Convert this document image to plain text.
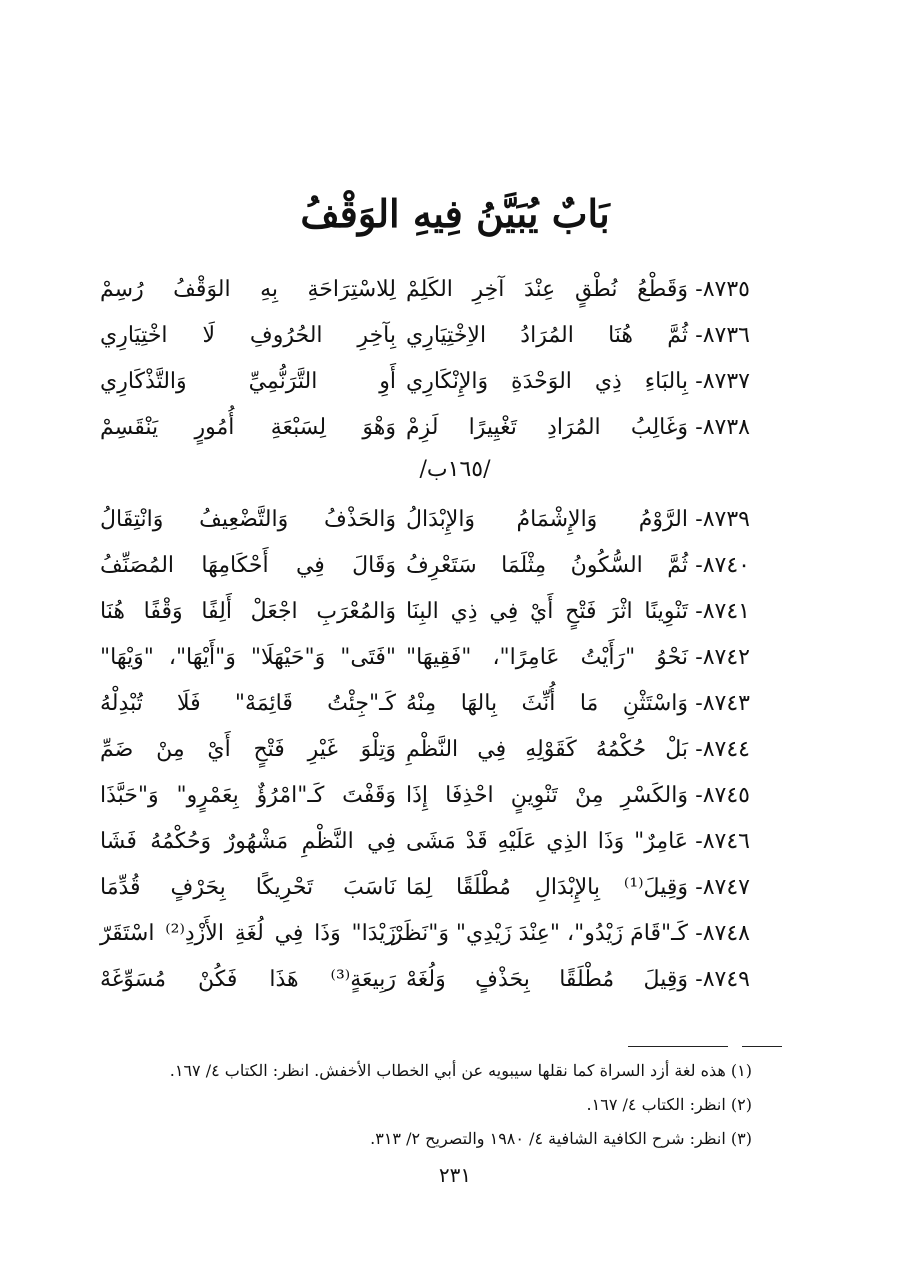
بَابٌ يُبَيَّنُ فِيهِ الوَقْفُ
٨٧٣٥-
وَقَطْعُ نُطْقٍ عِنْدَ آخِرِ الكَلِمْ
لِلاسْتِرَاحَةِ بِهِ الوَقْفُ رُسِمْ
٨٧٣٦-
ثُمَّ هُنَا المُرَادُ الاِخْتِيَارِي
بِآخِرِ الحُرُوفِ لَا اخْتِيَارِي
٨٧٣٧-
بِالبَاءِ ذِي الوَحْدَةِ وَالإِنْكَارِي
أَوِ التَّرَنُّمِيِّ وَالتَّذْكَارِي
٨٧٣٨-
وَغَالِبُ المُرَادِ تَغْيِيرًا لَزِمْ
وَهْوَ لِسَبْعَةِ أُمُورٍ يَنْقَسِمْ
/١٦٥ب/
٨٧٣٩-
الرَّوْمُ وَالإِشْمَامُ وَالإِبْدَالُ
وَالحَذْفُ وَالتَّضْعِيفُ وَانْتِقَالُ
٨٧٤٠-
ثُمَّ السُّكُونُ مِثْلَمَا سَتَعْرِفُ
وَقَالَ فِي أَحْكَامِهَا المُصَنِّفُ
٨٧٤١-
تَنْوِينًا اثْرَ فَتْحٍ أَيْ فِي ذِي البِنَا
وَالمُعْرَبِ اجْعَلْ أَلِفًا وَقْفًا هُنَا
٨٧٤٢-
نَحْوُ "رَأَيْتُ عَامِرًا"، "فَقِيهَا"
"فَتَى" وَ"حَيْهَلَا" وَ"أَيْهَا"، "وَيْهَا"
٨٧٤٣-
وَاسْتَثْنِ مَا أُنِّثَ بِالهَا مِنْهُ
كَـ"جِئْتُ قَائِمَهْ" فَلَا تُبْدِلْهُ
٨٧٤٤-
بَلْ حُكْمُهُ كَقَوْلِهِ فِي النَّظْمِ
وَتِلْوَ غَيْرِ فَتْحٍ أَيْ مِنْ ضَمِّ
٨٧٤٥-
وَالكَسْرِ مِنْ تَنْوِينٍ احْذِفَا إِذَا
وَقَفْتَ كَـ"امْرُؤٌ بِعَمْرٍو" وَ"حَبَّذَا
٨٧٤٦-
عَامِرٌ" وَذَا الذِي عَلَيْهِ قَدْ مَشَى
فِي النَّظْمِ مَشْهُورٌ وَحُكْمُهُ فَشَا
٨٧٤٧-
وَقِيلَ⁽¹⁾ بِالإِبْدَالِ مُطْلَقًا لِمَا
نَاسَبَ تَحْرِيكًا بِحَرْفٍ قُدِّمَا
٨٧٤٨-
كَـ"قَامَ زَيْدُو"، "عِنْدَ زَيْدِي" وَ"نَظَرْ
زَيْدَا" وَذَا فِي لُغَةِ الأَزْدِ⁽²⁾ اسْتَقَرّ
٨٧٤٩-
وَقِيلَ مُطْلَقًا بِحَذْفٍ وَلُغَهْ
رَبِيعَةٍ⁽³⁾ هَذَا فَكُنْ مُسَوِّغَهْ
(١) هذه لغة أزد السراة كما نقلها سيبويه عن أبي الخطاب الأخفش. انظر: الكتاب ٤/ ١٦٧.
(٢) انظر: الكتاب ٤/ ١٦٧.
(٣) انظر: شرح الكافية الشافية ٤/ ١٩٨٠ والتصريح ٢/ ٣١٣.
٢٣١
